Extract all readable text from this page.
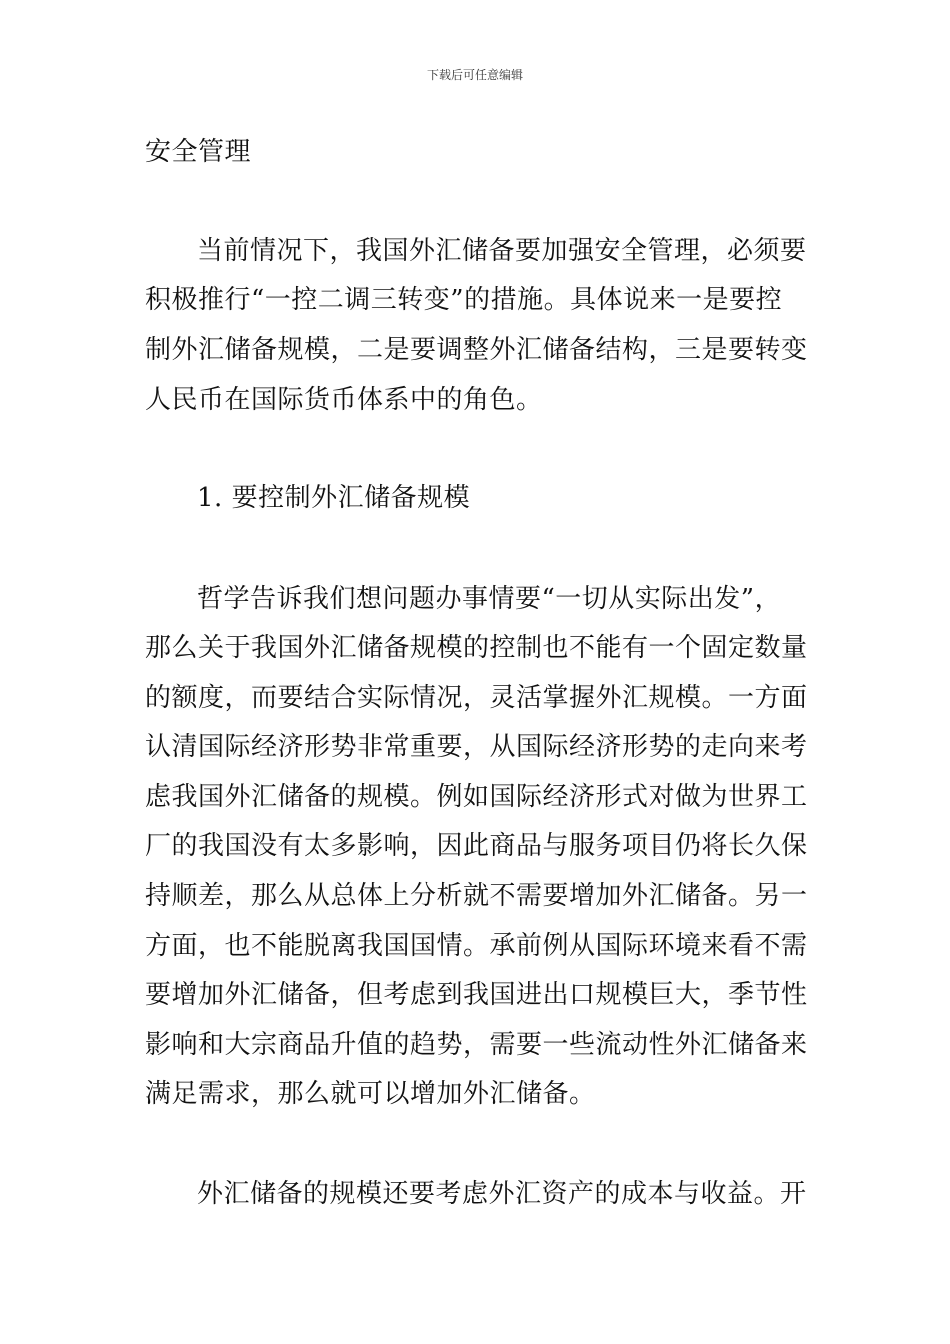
下载后可任意编辑
安全管理
当前情况下，我国外汇储备要加强安全管理，必须要
积极推行“一控二调三转变”的措施。具体说来一是要控
制外汇储备规模，二是要调整外汇储备结构，三是要转变
人民币在国际货币体系中的角色。
1. 要控制外汇储备规模
哲学告诉我们想问题办事情要“一切从实际出发”，
那么关于我国外汇储备规模的控制也不能有一个固定数量
的额度，而要结合实际情况，灵活掌握外汇规模。一方面
认清国际经济形势非常重要，从国际经济形势的走向来考
虑我国外汇储备的规模。例如国际经济形式对做为世界工
厂的我国没有太多影响，因此商品与服务项目仍将长久保
持顺差，那么从总体上分析就不需要增加外汇储备。另一
方面，也不能脱离我国国情。承前例从国际环境来看不需
要增加外汇储备，但考虑到我国进出口规模巨大，季节性
影响和大宗商品升值的趋势，需要一些流动性外汇储备来
满足需求，那么就可以增加外汇储备。
外汇储备的规模还要考虑外汇资产的成本与收益。开
